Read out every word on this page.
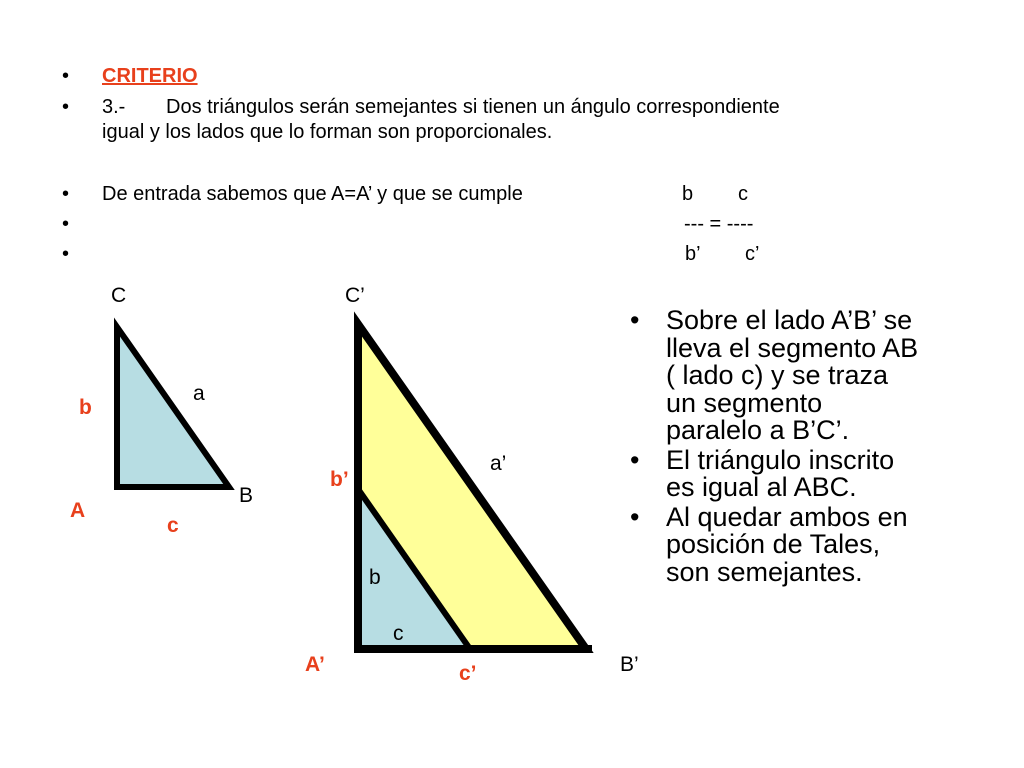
• CRITERIO
• 3.- Dos triángulos serán semejantes si tienen un ángulo correspondiente
igual y los lados que lo forman son proporcionales.
• De entrada sabemos que A=A’ y que se cumple	b c
•	--- = ----
•	b’ c’
C
a
b
B
A
c
C’
a’
b’
b
c
A’	c’	B’
• Sobre el lado A’B’ se lleva el segmento AB ( lado c) y se traza un segmento paralelo a B’C’.
• El triángulo inscrito es igual al ABC.
• Al quedar ambos en posición de Tales, son semejantes.
